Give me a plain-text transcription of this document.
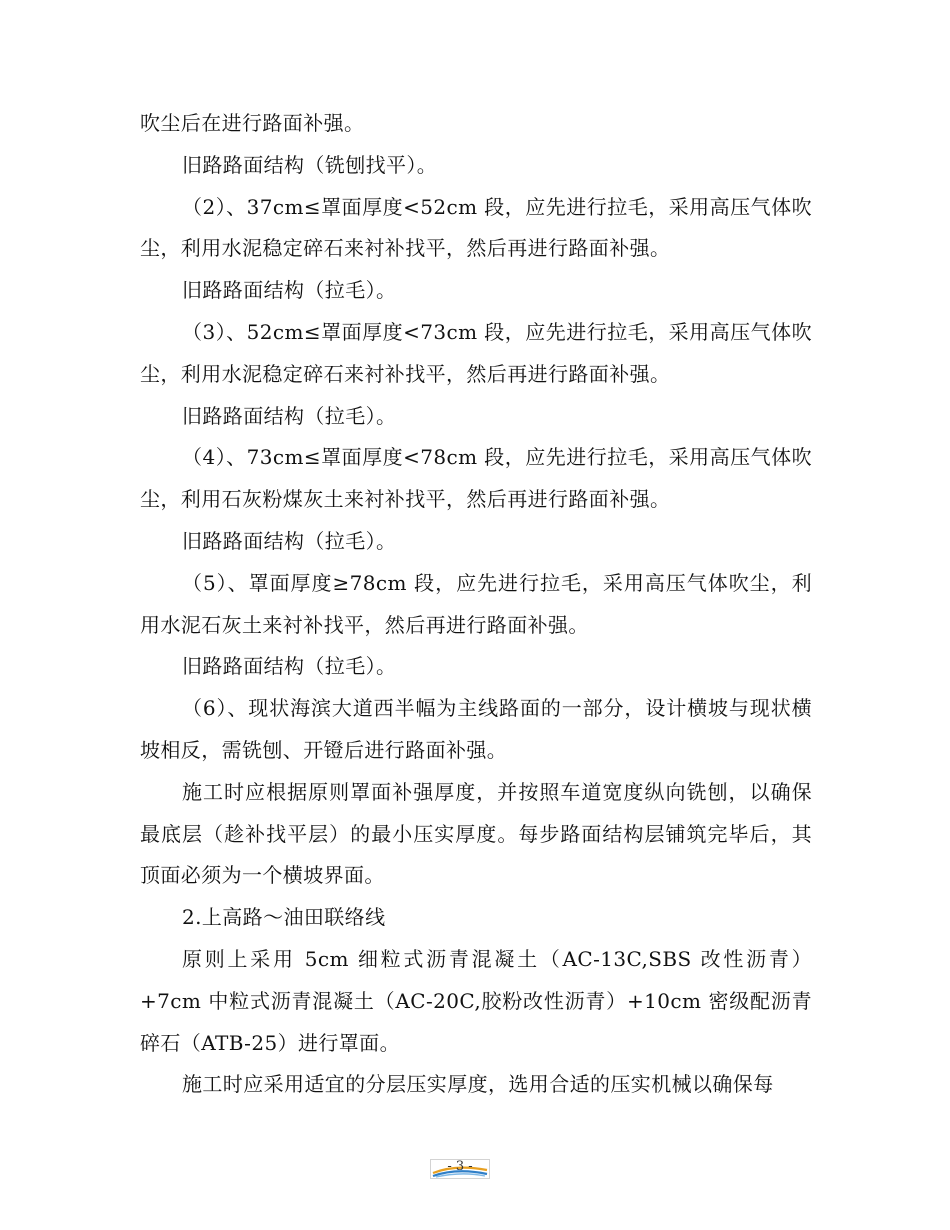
吹尘后在进行路面补强。

旧路路面结构（铣刨找平）。

（2）、37cm≤罩面厚度<52cm 段，应先进行拉毛，采用高压气体吹尘，利用水泥稳定碎石来衬补找平，然后再进行路面补强。

旧路路面结构（拉毛）。

（3）、52cm≤罩面厚度<73cm 段，应先进行拉毛，采用高压气体吹尘，利用水泥稳定碎石来衬补找平，然后再进行路面补强。

旧路路面结构（拉毛）。

（4）、73cm≤罩面厚度<78cm 段，应先进行拉毛，采用高压气体吹尘，利用石灰粉煤灰土来衬补找平，然后再进行路面补强。

旧路路面结构（拉毛）。

（5）、罩面厚度≥78cm 段，应先进行拉毛，采用高压气体吹尘，利用水泥石灰土来衬补找平，然后再进行路面补强。

旧路路面结构（拉毛）。

（6）、现状海滨大道西半幅为主线路面的一部分，设计横坡与现状横坡相反，需铣刨、开镫后进行路面补强。

施工时应根据原则罩面补强厚度，并按照车道宽度纵向铣刨，以确保最底层（趁补找平层）的最小压实厚度。每步路面结构层铺筑完毕后，其顶面必须为一个横坡界面。

2.上高路～油田联络线

原则上采用 5cm 细粒式沥青混凝土（AC-13C,SBS 改性沥青）+7cm 中粒式沥青混凝土（AC-20C,胶粉改性沥青）+10cm 密级配沥青碎石（ATB-25）进行罩面。

施工时应采用适宜的分层压实厚度，选用合适的压实机械以确保每

- 3 -
